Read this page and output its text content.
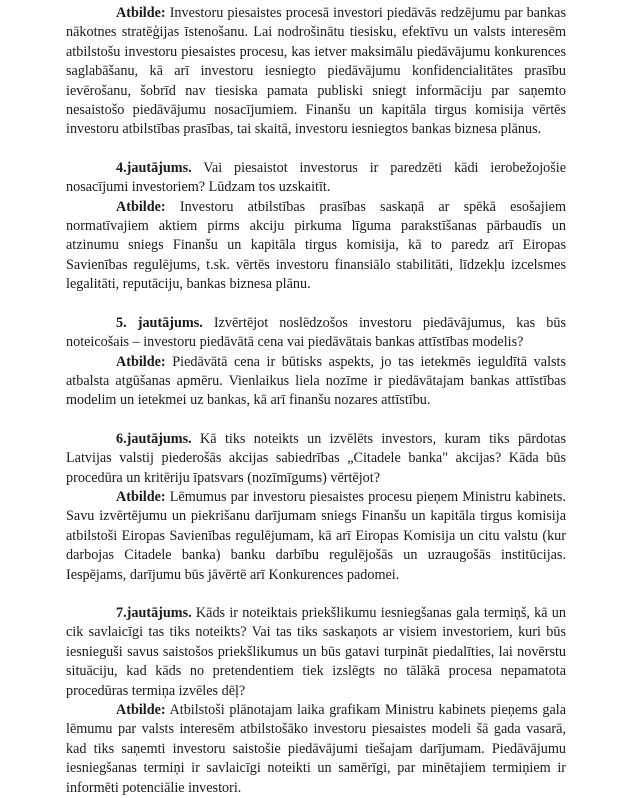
Atbilde: Investoru piesaistes procesā investori piedāvās redzējumu par bankas nākotnes stratēģijas īstenošanu. Lai nodrošinātu tiesisku, efektīvu un valsts interesēm atbilstošu investoru piesaistes procesu, kas ietver maksimālu piedāvājumu konkurences saglabāšanu, kā arī investoru iesniegto piedāvājumu konfidencialitātes prasību ievērošanu, šobrīd nav tiesiska pamata publiski sniegt informāciju par saņemto nesaistošo piedāvājumu nosacījumiem. Finanšu un kapitāla tirgus komisija vērtēs investoru atbilstības prasības, tai skaitā, investoru iesniegtos bankas biznesa plānus.

4.jautājums. Vai piesaistot investorus ir paredzēti kādi ierobežojošie nosacījumi investoriem? Lūdzam tos uzskaitīt.

Atbilde: Investoru atbilstības prasības saskaņā ar spēkā esošajiem normatīvajiem aktiem pirms akciju pirkuma līguma parakstīšanas pārbaudīs un atzinumu sniegs Finanšu un kapitāla tirgus komisija, kā to paredz arī Eiropas Savienības regulējums, t.sk. vērtēs investoru finansiālo stabilitāti, līdzekļu izcelsmes legalitāti, reputāciju, bankas biznesa plānu.

5. jautājums. Izvērtējot noslēdzošos investoru piedāvājumus, kas būs noteicošais – investoru piedāvātā cena vai piedāvātais bankas attīstības modelis?

Atbilde: Piedāvātā cena ir būtisks aspekts, jo tas ietekmēs ieguldītā valsts atbalsta atgūšanas apmēru. Vienlaikus liela nozīme ir piedāvātajam bankas attīstības modelim un ietekmei uz bankas, kā arī finanšu nozares attīstību.

6.jautājums. Kā tiks noteikts un izvēlēts investors, kuram tiks pārdotas Latvijas valstij piederošās akcijas sabiedrības „Citadele banka" akcijas? Kāda būs procedūra un kritēriju īpatsvars (nozīmīgums) vērtējot?

Atbilde: Lēmumus par investoru piesaistes procesu pieņem Ministru kabinets. Savu izvērtējumu un piekrišanu darījumam sniegs Finanšu un kapitāla tirgus komisija atbilstoši Eiropas Savienības regulējumam, kā arī Eiropas Komisija un citu valstu (kur darbojas Citadele banka) banku darbību regulējošās un uzraugošās institūcijas. Iespējams, darījumu būs jāvērtē arī Konkurences padomei.

7.jautājums. Kāds ir noteiktais priekšlikumu iesniegšanas gala termiņš, kā un cik savlaicīgi tas tiks noteikts? Vai tas tiks saskaņots ar visiem investoriem, kuri būs iesnieguši savus saistošos priekšlikumus un būs gatavi turpināt piedalīties, lai novērstu situāciju, kad kāds no pretendentiem tiek izslēgts no tālākā procesa nepamatota procedūras termiņa izvēles dēļ?

Atbilde: Atbilstoši plānotajam laika grafikam Ministru kabinets pieņems gala lēmumu par valsts interesēm atbilstošāko investoru piesaistes modeli šā gada vasarā, kad tiks saņemti investoru saistošie piedāvājumi tiešajam darījumam. Piedāvājumu iesniegšanas termiņi ir savlaicīgi noteikti un samērīgi, par minētajiem termiņiem ir informēti potenciālie investori.
